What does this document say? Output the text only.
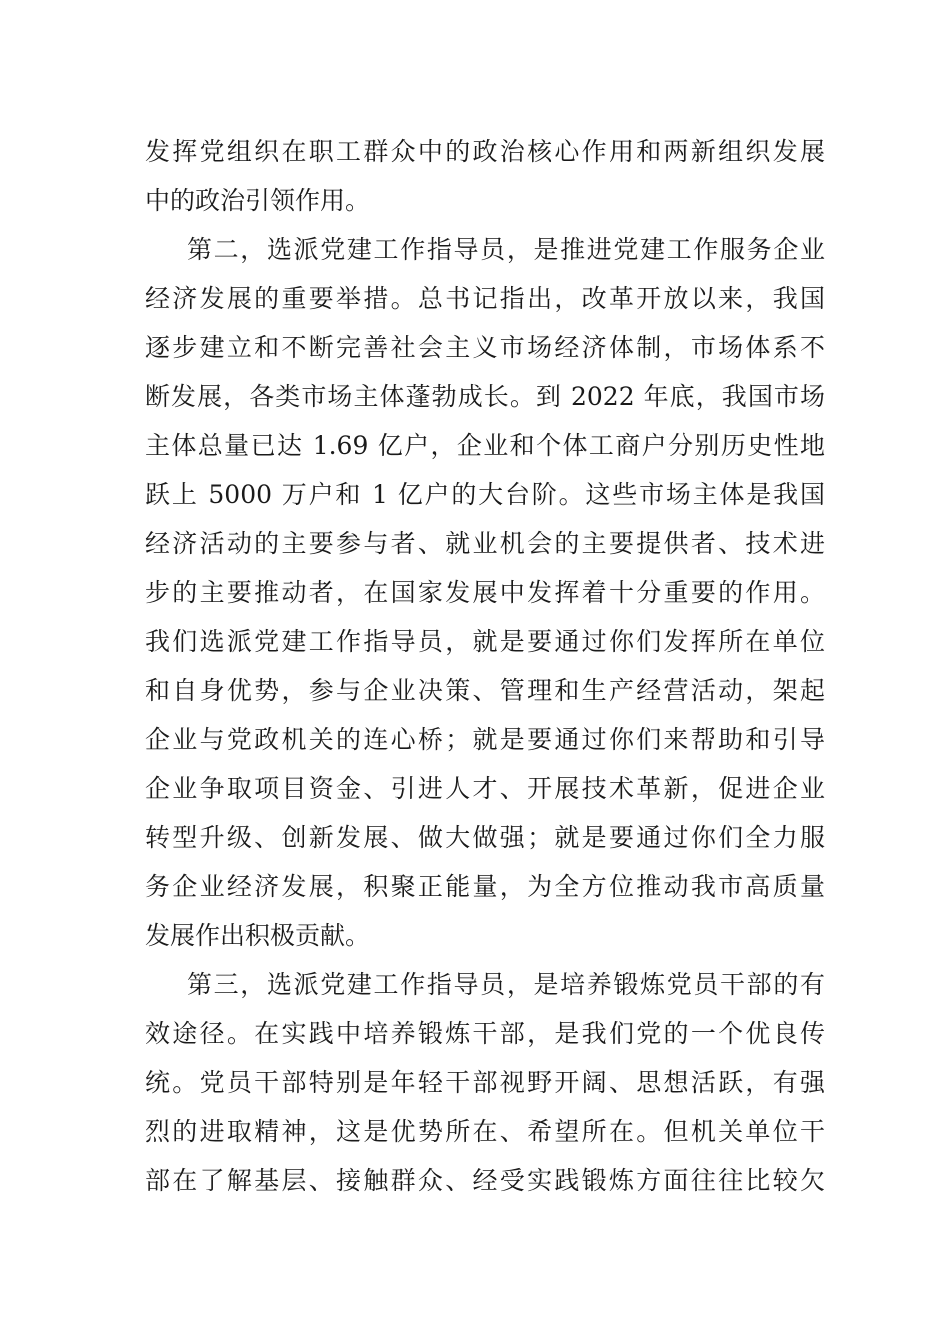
发挥党组织在职工群众中的政治核心作用和两新组织发展
中的政治引领作用。
第二，选派党建工作指导员，是推进党建工作服务企业
经济发展的重要举措。总书记指出，改革开放以来，我国
逐步建立和不断完善社会主义市场经济体制，市场体系不
断发展，各类市场主体蓬勃成长。到 2022 年底，我国市场
主体总量已达 1.69 亿户，企业和个体工商户分别历史性地
跃上 5000 万户和 1 亿户的大台阶。这些市场主体是我国
经济活动的主要参与者、就业机会的主要提供者、技术进
步的主要推动者，在国家发展中发挥着十分重要的作用。
我们选派党建工作指导员，就是要通过你们发挥所在单位
和自身优势，参与企业决策、管理和生产经营活动，架起
企业与党政机关的连心桥；就是要通过你们来帮助和引导
企业争取项目资金、引进人才、开展技术革新，促进企业
转型升级、创新发展、做大做强；就是要通过你们全力服
务企业经济发展，积聚正能量，为全方位推动我市高质量
发展作出积极贡献。
第三，选派党建工作指导员，是培养锻炼党员干部的有
效途径。在实践中培养锻炼干部，是我们党的一个优良传
统。党员干部特别是年轻干部视野开阔、思想活跃，有强
烈的进取精神，这是优势所在、希望所在。但机关单位干
部在了解基层、接触群众、经受实践锻炼方面往往比较欠
